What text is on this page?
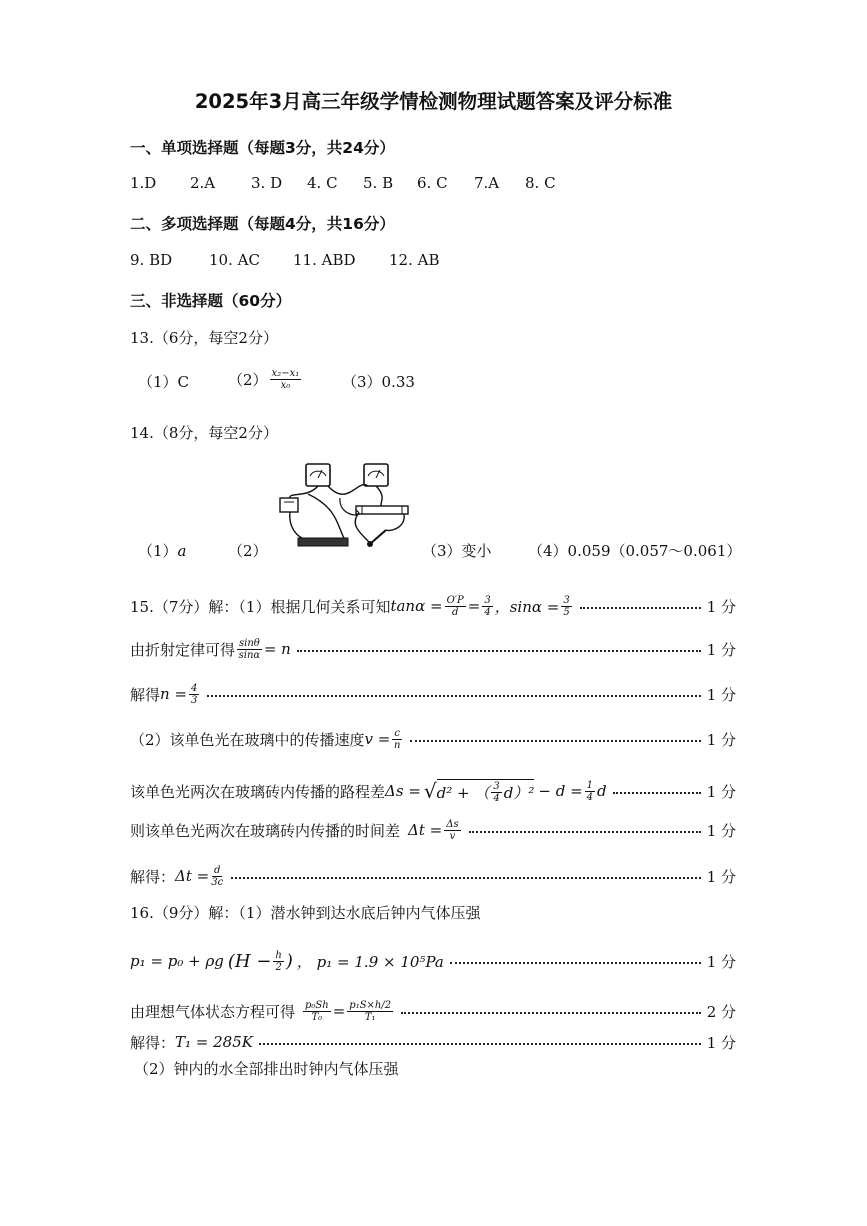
2025年3月高三年级学情检测物理试题答案及评分标准
一、单项选择题（每题3分，共24分）
1.D 2.A 3. D 4. C 5. B 6. C 7.A 8. C
二、多项选择题（每题4分，共16分）
9. BD 10. AC 11. ABD 12. AB
三、非选择题（60分）
13.（6分，每空2分）
（1）C	$(2) \frac{\text{x₂−x₁}}{\text{x₀}}$	（3）0.33
14.（8分，每空2分）
（1）a	（2）	（3）变小 （4）0.059（0.057～0.061）
15.（7分）解：（1）根据几何关系可知 $\tan\alpha = \frac{O'P}{d} = \frac{3}{4}$ ，$\sin\alpha = \frac{3}{5}$	1 分
由折射定律可得 $\frac{\sin\theta}{\sin\alpha} = n$	1 分
解得 $n = \frac{4}{3}$	1 分
（2）该单色光在玻璃中的传播速度 $v = \frac{c}{n}$	1 分
该单色光两次在玻璃砖内传播的路程差 Δs = √ d² + （ $\frac{3}{4} d)^2 - d = \frac{1}{4}$ d	1 分
则该单色光两次在玻璃砖内传播的时间差 $\Delta t = \frac{\Delta s}{v}$	1 分
解得： $\Delta t = \frac{d}{3c}$	1 分
16.（9分）解：（1）潜水钟到达水底后钟内气体压强
p₁ = p₀ + ρg ($H - \frac{h}{2}$ ) ， p₁ = 1.9 × 10⁵Pa	1 分
由理想气体状态方程可得 $\frac{\text{p₀Sh}}{\text{T₀}} = \frac{\text{p₁S×h/2}}{\text{T₁}}$	2 分
解得： T₁ = 285K	1 分
（2）钟内的水全部排出时钟内气体压强
